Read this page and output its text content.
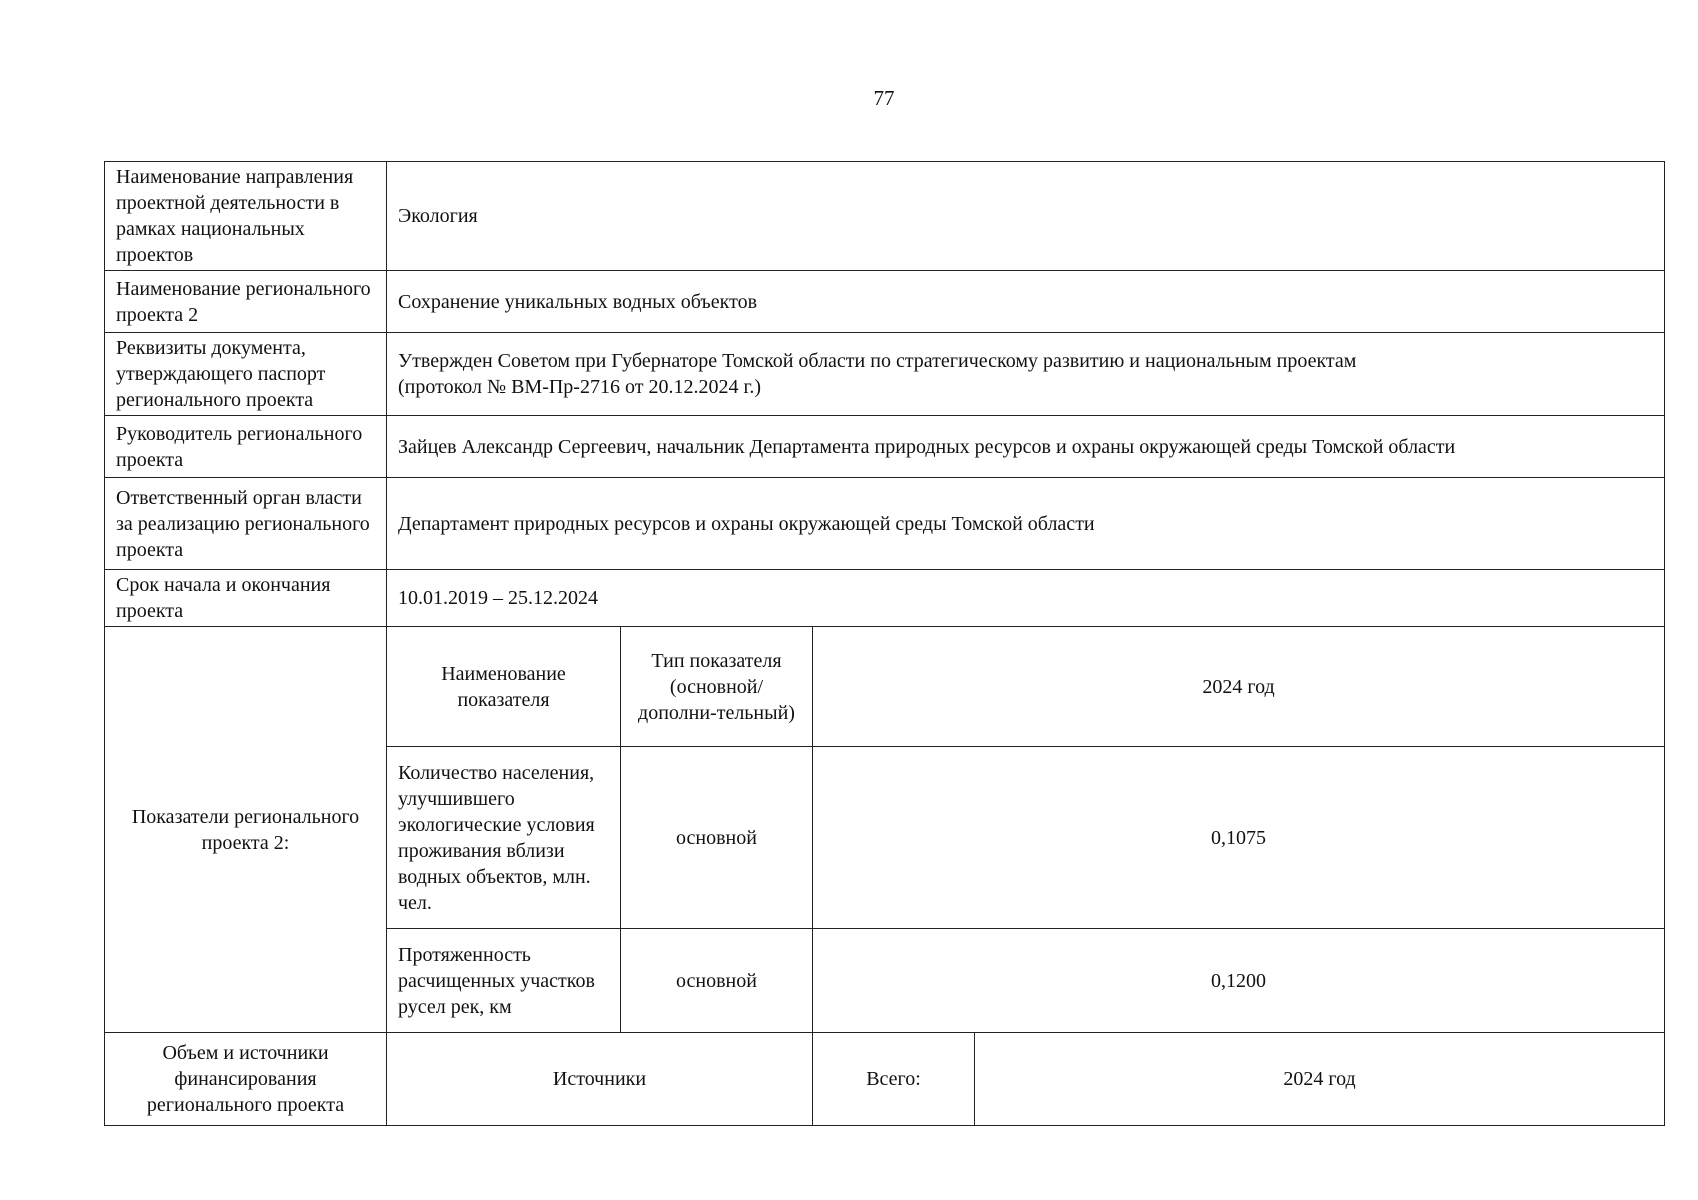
77
Наименование направления проектной деятельности в рамках национальных проектов	Экология			
Наименование регионального проекта 2	Сохранение уникальных водных объектов			
Реквизиты документа, утверждающего паспорт регионального проекта	Утвержден Советом при Губернаторе Томской области по стратегическому развитию и национальным проектам
(протокол № ВМ-Пр-2716 от 20.12.2024 г.)			

Руководитель регионального проекта	Зайцев Александр Сергеевич, начальник Департамента природных ресурсов и охраны окружающей среды Томской области			
Ответственный орган власти за реализацию регионального проекта	Департамент природных ресурсов и охраны окружающей среды Томской области			
Срок начала и окончания проекта	10.01.2019 – 25.12.2024			
Показатели регионального проекта 2:	Наименование показателя	Тип показателя (основной/ дополни-тельный)	2024 год	
	Количество населения, улучшившего экологические условия проживания вблизи водных объектов, млн. чел.	основной	0,1075	
	Протяженность расчищенных участков русел рек, км	основной	0,1200	
Объем и источники финансирования регионального проекта	Источники		Всего:	2024 год
